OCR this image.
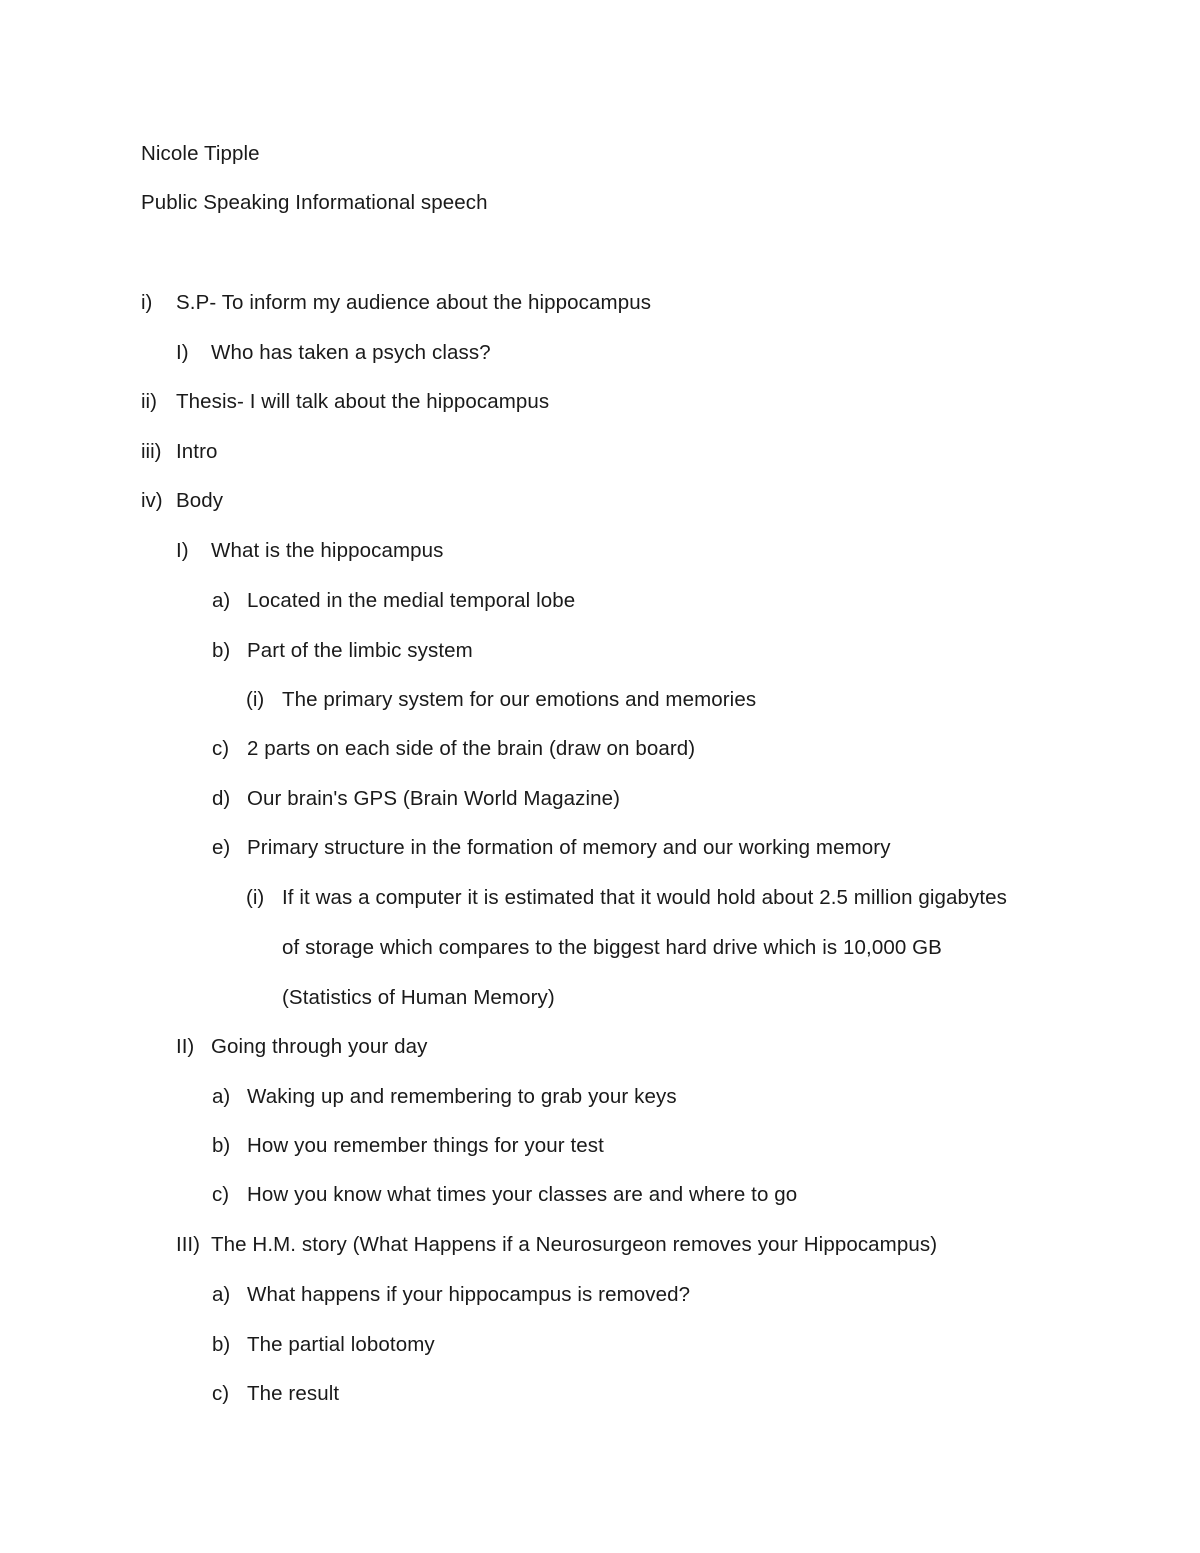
Nicole Tipple
Public Speaking Informational speech
i) S.P- To inform my audience about the hippocampus
I) Who has taken a psych class?
ii) Thesis- I will talk about the hippocampus
iii) Intro
iv) Body
I) What is the hippocampus
a) Located in the medial temporal lobe
b) Part of the limbic system
(i) The primary system for our emotions and memories
c) 2 parts on each side of the brain (draw on board)
d) Our brain's GPS (Brain World Magazine)
e) Primary structure in the formation of memory and our working memory
(i) If it was a computer it is estimated that it would hold about 2.5 million gigabytes
of storage which compares to the biggest hard drive which is 10,000 GB
(Statistics of Human Memory)
II) Going through your day
a) Waking up and remembering to grab your keys
b) How you remember things for your test
c) How you know what times your classes are and where to go
III) The H.M. story (What Happens if a Neurosurgeon removes your Hippocampus)
a) What happens if your hippocampus is removed?
b) The partial lobotomy
c) The result
